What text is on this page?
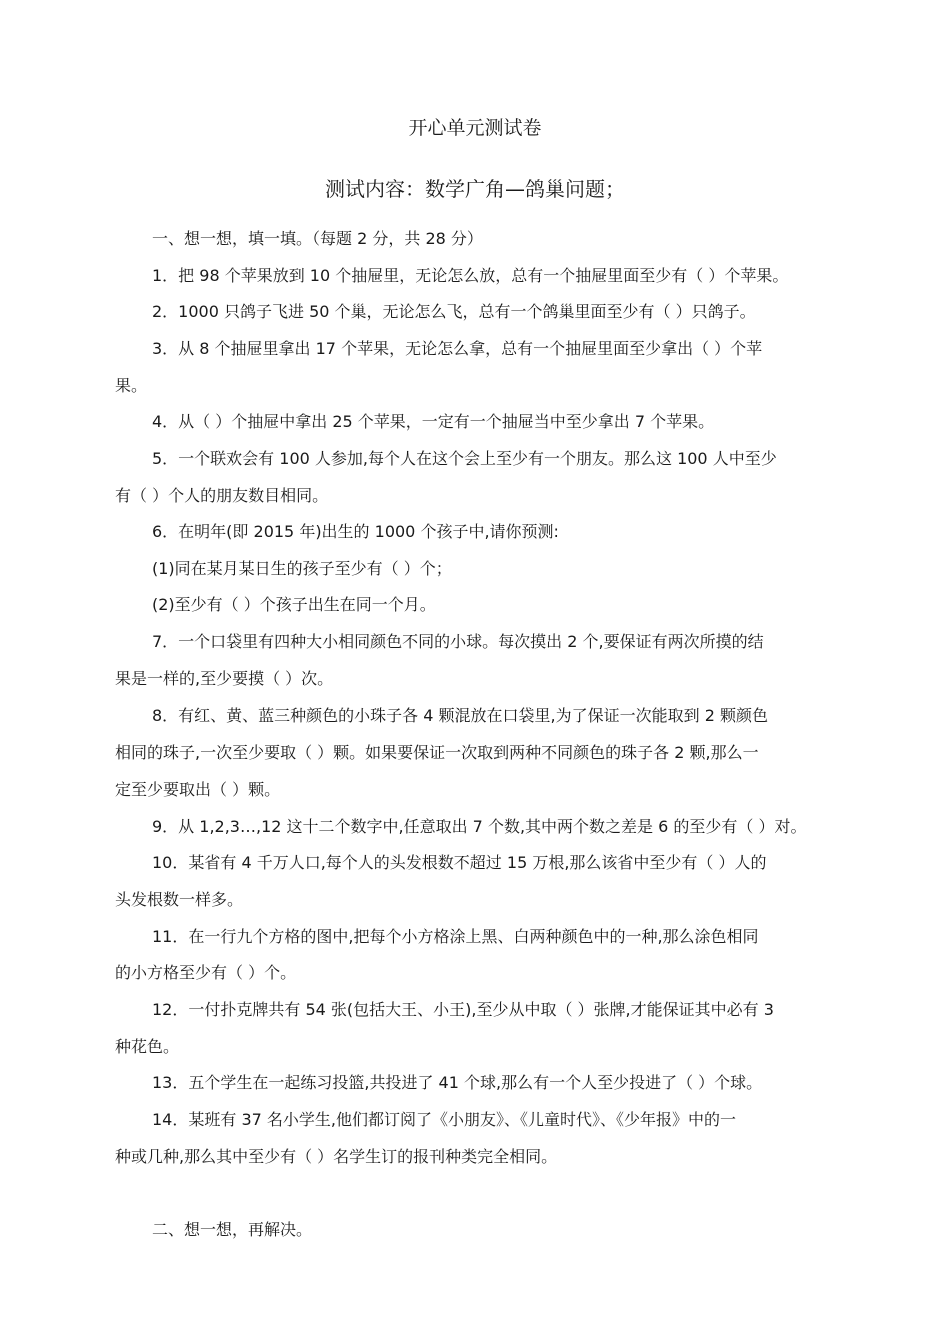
开心单元测试卷
测试内容：数学广角—鸽巢问题；
一、想一想，填一填。（每题 2 分，共 28 分）
1．把 98 个苹果放到 10 个抽屉里，无论怎么放，总有一个抽屉里面至少有（ ）个苹果。
2．1000 只鸽子飞进 50 个巢，无论怎么飞，总有一个鸽巢里面至少有（ ）只鸽子。
3．从 8 个抽屉里拿出 17 个苹果，无论怎么拿，总有一个抽屉里面至少拿出（ ）个苹
果。
4．从（ ）个抽屉中拿出 25 个苹果，一定有一个抽屉当中至少拿出 7 个苹果。
5．一个联欢会有 100 人参加,每个人在这个会上至少有一个朋友。那么这 100 人中至少
有（ ）个人的朋友数目相同。
6．在明年(即 2015 年)出生的 1000 个孩子中,请你预测:
(1)同在某月某日生的孩子至少有（ ）个；
(2)至少有（ ）个孩子出生在同一个月。
7．一个口袋里有四种大小相同颜色不同的小球。每次摸出 2 个,要保证有两次所摸的结
果是一样的,至少要摸（ ）次。
8．有红、黄、蓝三种颜色的小珠子各 4 颗混放在口袋里,为了保证一次能取到 2 颗颜色
相同的珠子,一次至少要取（ ）颗。如果要保证一次取到两种不同颜色的珠子各 2 颗,那么一
定至少要取出（ ）颗。
9．从 1,2,3…,12 这十二个数字中,任意取出 7 个数,其中两个数之差是 6 的至少有（ ）对。
10．某省有 4 千万人口,每个人的头发根数不超过 15 万根,那么该省中至少有（ ）人的
头发根数一样多。
11．在一行九个方格的图中,把每个小方格涂上黑、白两种颜色中的一种,那么涂色相同
的小方格至少有（ ）个。
12．一付扑克牌共有 54 张(包括大王、小王),至少从中取（ ）张牌,才能保证其中必有 3
种花色。
13．五个学生在一起练习投篮,共投进了 41 个球,那么有一个人至少投进了（ ）个球。
14．某班有 37 名小学生,他们都订阅了《小朋友》、《儿童时代》、《少年报》中的一
种或几种,那么其中至少有（ ）名学生订的报刊种类完全相同。
二、想一想，再解决。
